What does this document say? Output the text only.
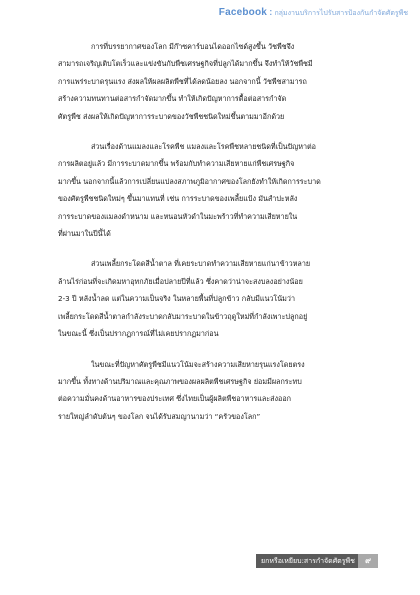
Facebook : กลุ่มงานบริการไปรับสารป้องกันกำจัดศัตรูพืช

การที่บรรยากาศของโลก มีก๊าซคาร์บอนไดออกไซด์สูงขึ้น วัชพืชจึง
สามารถเจริญเติบโตเร็วและแข่งขันกับพืชเศรษฐกิจที่ปลูกได้มากขึ้น จึงทำให้วัชพืชมี
การแพร่ระบาดรุนแรง ส่งผลให้ผลผลิตพืชที่ได้ลดน้อยลง นอกจากนี้ วัชพืชสามารถ
สร้างความทนทานต่อสารกำจัดมากขึ้น ทำให้เกิดปัญหาการดื้อต่อสารกำจัด
ศัตรูพืช ส่งผลให้เกิดปัญหาการระบาดของวัชพืชชนิดใหม่ขึ้นตามมาอีกด้วย

ส่วนเรื่องด้านแมลงและโรคพืช แมลงและโรคพืชหลายชนิดที่เป็นปัญหาต่อ
การผลิตอยู่แล้ว มีการระบาดมากขึ้น พร้อมกับทำความเสียหายแก่พืชเศรษฐกิจ
มากขึ้น นอกจากนี้แล้วการเปลี่ยนแปลงสภาพภูมิอากาศของโลกยังทำให้เกิดการระบาด
ของศัตรูพืชชนิดใหม่ๆ ขึ้นมาแทนที่ เช่น การระบาดของเพลี้ยแป้ง มันสำปะหลัง
การระบาดของแมลงดำหนาม และหนอนหัวดำในมะพร้าวที่ทำความเสียหายใน
ที่ผ่านมาในปีนี้ได้

ส่วนเพลี้ยกระโดดสีน้ำตาล ที่เคยระบาดทำความเสียหายแก่นาข้าวหลาย
ล้านไร่ก่อนที่จะเกิดมหาอุทกภัยเมื่อปลายปีที่แล้ว ซึ่งคาดว่าน่าจะสงบลงอย่างน้อย
2-3 ปี หลังน้ำลด แต่ในความเป็นจริง ในหลายพื้นที่ปลูกข้าว กลับมีแนวโน้มว่า
เพลี้ยกระโดดสีน้ำตาลกำลังระบาดกลับมาระบาดในข้าวฤดูใหม่ที่กำลังเพาะปลูกอยู่
ในขณะนี้ ซึ่งเป็นปรากฏการณ์ที่ไม่เคยปรากฏมาก่อน

ในขณะที่ปัญหาศัตรูพืชมีแนวโน้มจะสร้างความเสียหายรุนแรงโดยตรง
มากขึ้น ทั้งทางด้านปริมาณและคุณภาพของผลผลิตพืชเศรษฐกิจ ย่อมมีผลกระทบ
ต่อความมั่นคงด้านอาหารของประเทศ ซึ่งไทยเป็นผู้ผลิตพืชอาหารและส่งออก
รายใหญ่ลำดับต้นๆ ของโลก จนได้รับสมญานามว่า “ครัวของโลก”

ยกหรือเหยียบ:สารกำจัดศัตรูพืช	๙
